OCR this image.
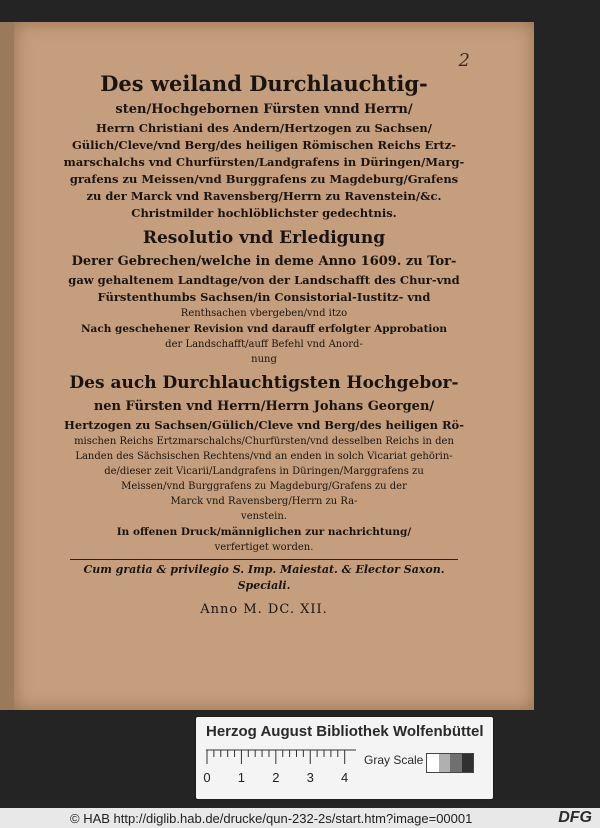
2

Des weiland Durchlauchtig-

sten/Hochgebornen Fürsten vnnd Herrn/

Herrn Christiani des Andern/Hertzogen zu Sachsen/

Gülich/Cleve/vnd Berg/des heiligen Römischen Reichs Ertz-

marschalchs vnd Churfürsten/Landgrafens in Düringen/Marg-

grafens zu Meissen/vnd Burggrafens zu Magdeburg/Grafens

zu der Marck vnd Ravensberg/Herrn zu Ravenstein/&c.

Christmilder hochlöblichster gedechtnis.

Resolutio vnd Erledigung

Derer Gebrechen/welche in deme Anno 1609. zu Tor-

gaw gehaltenem Landtage/von der Landschafft des Chur-vnd

Fürstenthumbs Sachsen/in Consistorial-Iustitz- vnd

Renthsachen vbergeben/vnd itzo

Nach geschehener Revision vnd darauff erfolgter Approbation

der Landschafft/auff Befehl vnd Anord-

nung

Des auch Durchlauchtigsten Hochgebor-

nen Fürsten vnd Herrn/Herrn Johans Georgen/

Hertzogen zu Sachsen/Gülich/Cleve vnd Berg/des heiligen Rö-

mischen Reichs Ertzmarschalchs/Churfürsten/vnd desselben Reichs in den

Landen des Sächsischen Rechtens/vnd an enden in solch Vicariat gehörin-

de/dieser zeit Vicarii/Landgrafens in Düringen/Marggrafens zu

Meissen/vnd Burggrafens zu Magdeburg/Grafens zu der

Marck vnd Ravensberg/Herrn zu Ra-

venstein.

In offenen Druck/männiglichen zur nachrichtung/

verfertiget worden.

Cum gratia & privilegio S. Imp. Maiestat. & Elector Saxon. Speciali.

Anno M. DC. XII.

Herzog August Bibliothek Wolfenbüttel
0 1 2 3 4
Gray Scale
© HAB http://diglib.hab.de/drucke/qun-232-2s/start.htm?image=00001	DFG
